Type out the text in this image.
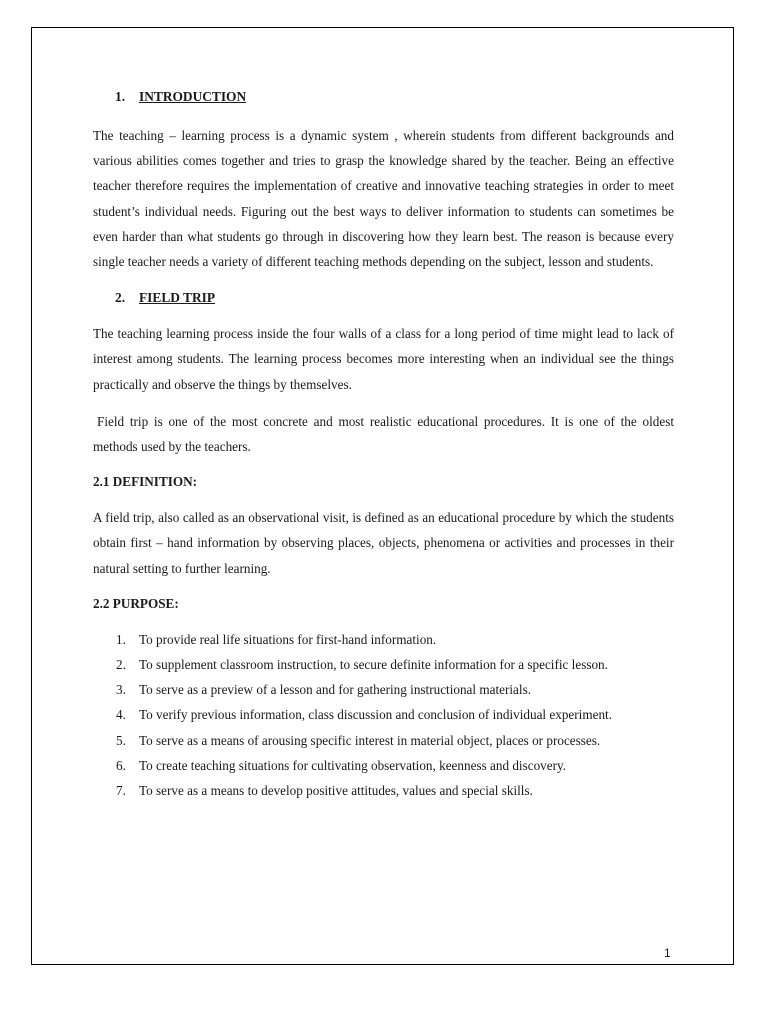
1.	INTRODUCTION

The teaching – learning process is a dynamic system , wherein students from different backgrounds and various abilities comes together and tries to grasp the knowledge shared by the teacher. Being an effective teacher therefore requires the implementation of creative and innovative teaching strategies in order to meet student’s individual needs. Figuring out the best ways to deliver information to students can sometimes be even harder than what students go through in discovering how they learn best. The reason is because every single teacher needs a variety of different teaching methods depending on the subject, lesson and students.

2.	FIELD TRIP

The teaching learning process inside the four walls of a class for a long period of time might lead to lack of interest among students. The learning process becomes more interesting when an individual see the things practically and observe the things by themselves.

Field trip is one of the most concrete and most realistic educational procedures. It is one of the oldest methods used by the teachers.

2.1 DEFINITION:

A field trip, also called as an observational visit, is defined as an educational procedure by which the students obtain first – hand information by observing places, objects, phenomena or activities and processes in their natural setting to further learning.

2.2 PURPOSE:
1. To provide real life situations for first-hand information.
2. To supplement classroom instruction, to secure definite information for a specific lesson.
3. To serve as a preview of a lesson and for gathering instructional materials.
4. To verify previous information, class discussion and conclusion of individual experiment.
5. To serve as a means of arousing specific interest in material object, places or processes.
6. To create teaching situations for cultivating observation, keenness and discovery.
7. To serve as a means to develop positive attitudes, values and special skills.
1
